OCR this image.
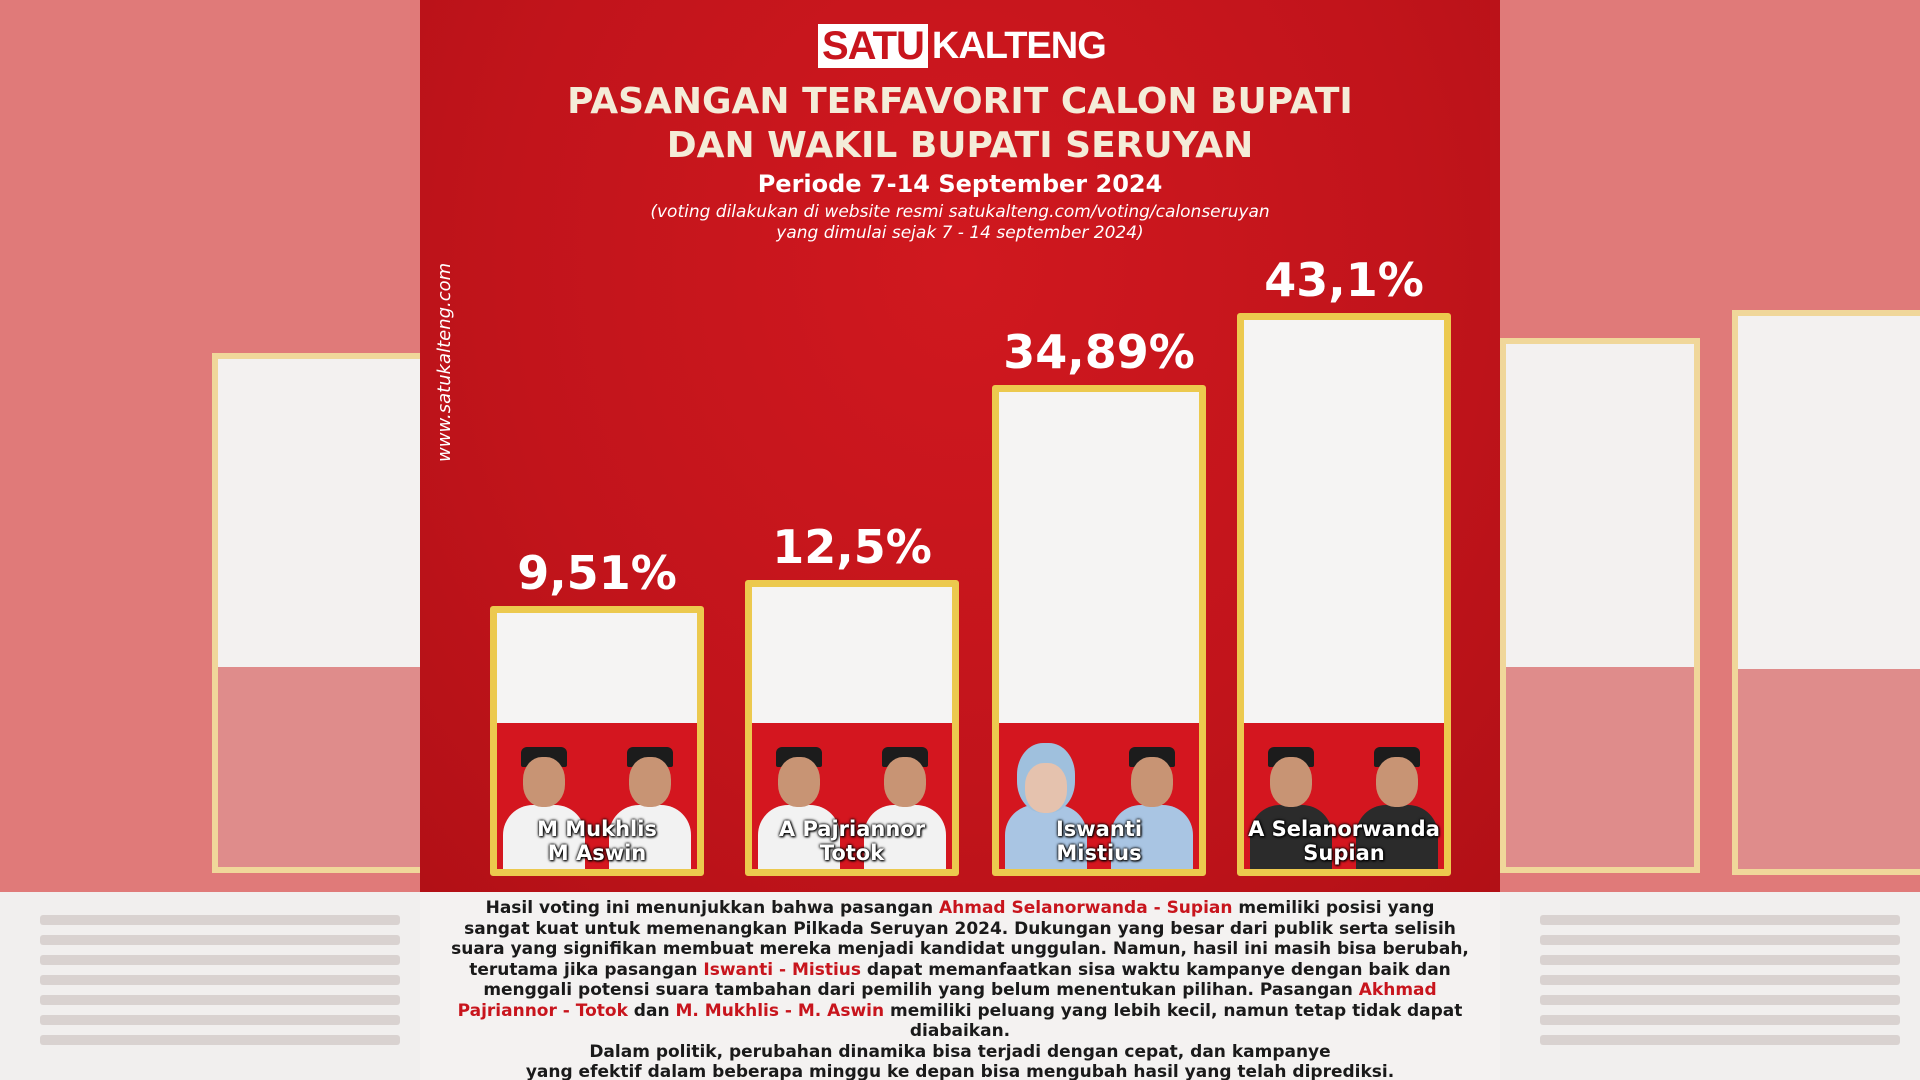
SATU KALTENG
PASANGAN TERFAVORIT CALON BUPATI
DAN WAKIL BUPATI SERUYAN
Periode 7-14 September 2024
(voting dilakukan di website resmi satukalteng.com/voting/calonseruyan
yang dimulai sejak 7 - 14 september 2024)
www.satukalteng.com
M Mukhlis
M Aswin
9,51%
A Pajriannor
Totok
12,5%
Iswanti
Mistius
34,89%
A Selanorwanda
Supian
43,1%
Hasil voting ini menunjukkan bahwa pasangan Ahmad Selanorwanda - Supian memiliki posisi yang sangat kuat untuk memenangkan Pilkada Seruyan 2024. Dukungan yang besar dari publik serta selisih suara yang signifikan membuat mereka menjadi kandidat unggulan. Namun, hasil ini masih bisa berubah, terutama jika pasangan Iswanti - Mistius dapat memanfaatkan sisa waktu kampanye dengan baik dan menggali potensi suara tambahan dari pemilih yang belum menentukan pilihan. Pasangan Akhmad Pajriannor - Totok dan M. Mukhlis - M. Aswin memiliki peluang yang lebih kecil, namun tetap tidak dapat diabaikan.
Dalam politik, perubahan dinamika bisa terjadi dengan cepat, dan kampanye
yang efektif dalam beberapa minggu ke depan bisa mengubah hasil yang telah diprediksi.
